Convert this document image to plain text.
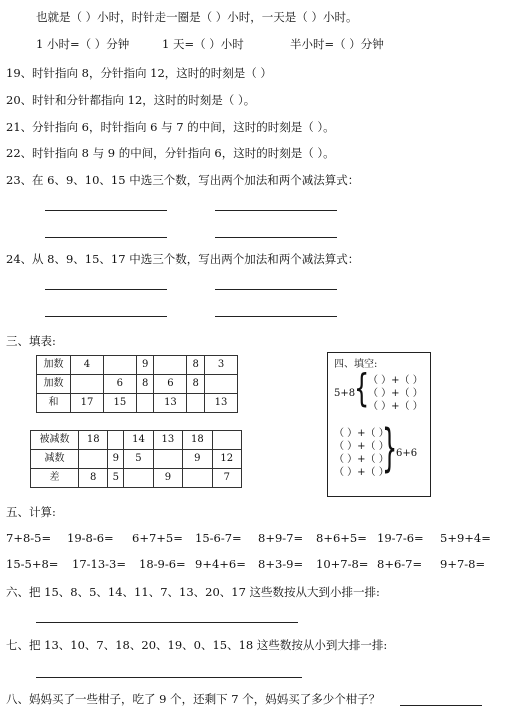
也就是（ ）小时，时针走一圈是（ ）小时，一天是（ ）小时。
1 小时=（ ）分钟	1 天=（ ）小时	半小时=（ ）分钟
19、 时针指向 8，分针指向 12，这时的时刻是（ ）
20、 时针和分针都指向 12，这时的时刻是（ ）。
21、 分针指向 6，时针指向 6 与 7 的中间，这时的时刻是（ ）。
22、 时针指向 8 与 9 的中间，分针指向 6，这时的时刻是（ ）。
23、 在 6、9、10、15 中选三个数，写出两个加法和两个减法算式：
24、 从 8、9、15、17 中选三个数，写出两个加法和两个减法算式：
三、填表:
加数	4		9		8	3
加数		6	8	6	8	
和	17	15		13		13
被减数	18		14	13	18	
减数		9	5		9	12
差	8	5		9		7
四、填空:
5+8
{
（ ）+（ ）
（ ）+（ ）
（ ）+（ ）
（ ）+（ ）
（ ）+（ ）
（ ）+（ ）
（ ）+（ ）
{
6+6
五、计算:
7+8-5= 19-8-6= 6+7+5= 15-6-7= 8+9-7= 8+6+5= 19-7-6= 5+9+4=
15-5+8= 17-13-3= 18-9-6= 9+4+6= 8+3-9= 10+7-8= 8+6-7= 9+7-8=
六、把 15、8、5、14、11、7、13、20、17 这些数按从大到小排一排:
七、把 13、10、7、18、20、19、0、15、18 这些数按从小到大排一排:
八、妈妈买了一些柑子，吃了 9 个，还剩下 7 个，妈妈买了多少个柑子？
